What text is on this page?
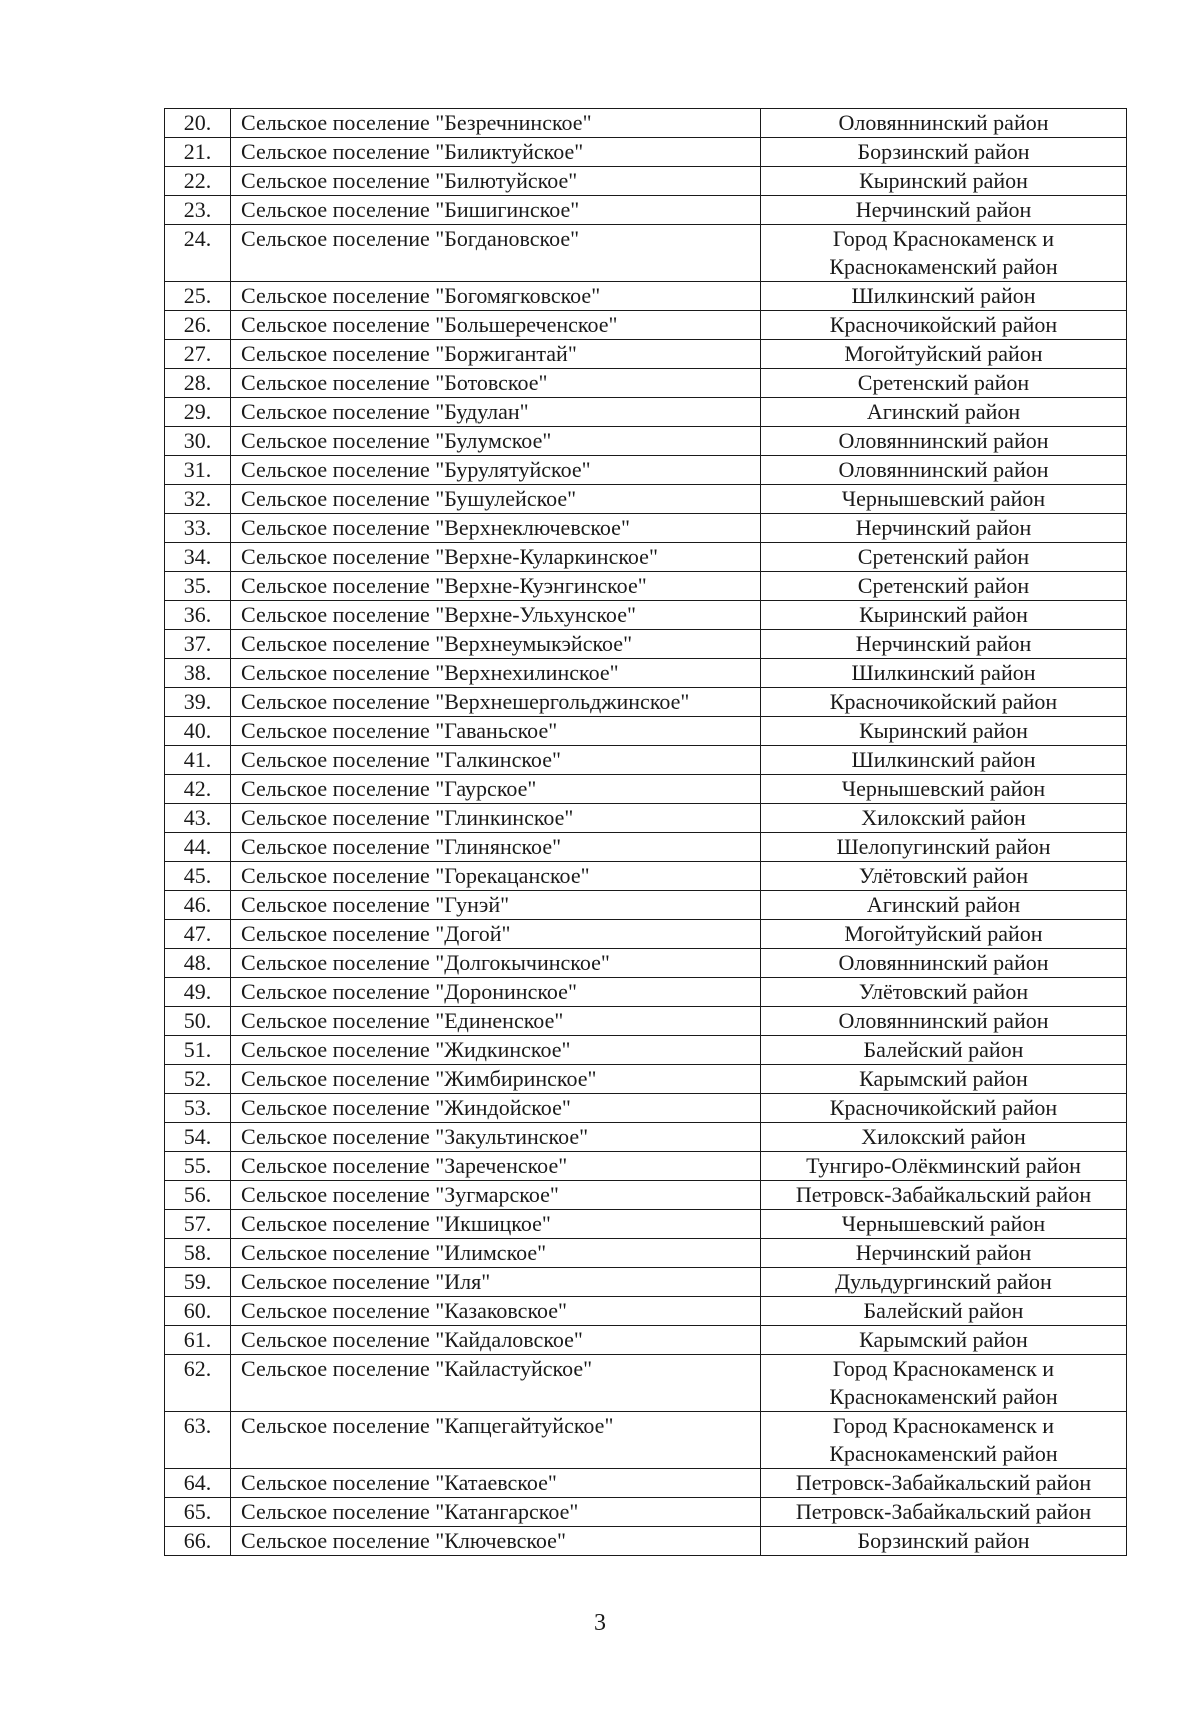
20.	Сельское поселение "Безречнинское"	Оловяннинский район

21.	Сельское поселение "Биликтуйское"	Борзинский район

22.	Сельское поселение "Билютуйское"	Кыринский район

23.	Сельское поселение "Бишигинское"	Нерчинский район

24.	Сельское поселение "Богдановское"	Город Краснокаменск и
Краснокаменский район

25.	Сельское поселение "Богомягковское"	Шилкинский район

26.	Сельское поселение "Большереченское"	Красночикойский район

27.	Сельское поселение "Боржигантай"	Могойтуйский район

28.	Сельское поселение "Ботовское"	Сретенский район

29.	Сельское поселение "Будулан"	Агинский район

30.	Сельское поселение "Булумское"	Оловяннинский район

31.	Сельское поселение "Бурулятуйское"	Оловяннинский район

32.	Сельское поселение "Бушулейское"	Чернышевский район

33.	Сельское поселение "Верхнеключевское"	Нерчинский район

34.	Сельское поселение "Верхне-Куларкинское"	Сретенский район

35.	Сельское поселение "Верхне-Куэнгинское"	Сретенский район

36.	Сельское поселение "Верхне-Ульхунское"	Кыринский район

37.	Сельское поселение "Верхнеумыкэйское"	Нерчинский район

38.	Сельское поселение "Верхнехилинское"	Шилкинский район

39.	Сельское поселение "Верхнешергольджинское"	Красночикойский район

40.	Сельское поселение "Гаваньское"	Кыринский район

41.	Сельское поселение "Галкинское"	Шилкинский район

42.	Сельское поселение "Гаурское"	Чернышевский район

43.	Сельское поселение "Глинкинское"	Хилокский район

44.	Сельское поселение "Глинянское"	Шелопугинский район

45.	Сельское поселение "Горекацанское"	Улётовский район

46.	Сельское поселение "Гунэй"	Агинский район

47.	Сельское поселение "Догой"	Могойтуйский район

48.	Сельское поселение "Долгокычинское"	Оловяннинский район

49.	Сельское поселение "Доронинское"	Улётовский район

50.	Сельское поселение "Единенское"	Оловяннинский район

51.	Сельское поселение "Жидкинское"	Балейский район

52.	Сельское поселение "Жимбиринское"	Карымский район

53.	Сельское поселение "Жиндойское"	Красночикойский район

54.	Сельское поселение "Закультинское"	Хилокский район

55.	Сельское поселение "Зареченское"	Тунгиро-Олёкминский район

56.	Сельское поселение "Зугмарское"	Петровск-Забайкальский район

57.	Сельское поселение "Икшицкое"	Чернышевский район

58.	Сельское поселение "Илимское"	Нерчинский район

59.	Сельское поселение "Иля"	Дульдургинский район

60.	Сельское поселение "Казаковское"	Балейский район

61.	Сельское поселение "Кайдаловское"	Карымский район

62.	Сельское поселение "Кайластуйское"	Город Краснокаменск и
Краснокаменский район

63.	Сельское поселение "Капцегайтуйское"	Город Краснокаменск и
Краснокаменский район

64.	Сельское поселение "Катаевское"	Петровск-Забайкальский район

65.	Сельское поселение "Катангарское"	Петровск-Забайкальский район

66.	Сельское поселение "Ключевское"	Борзинский район
3
